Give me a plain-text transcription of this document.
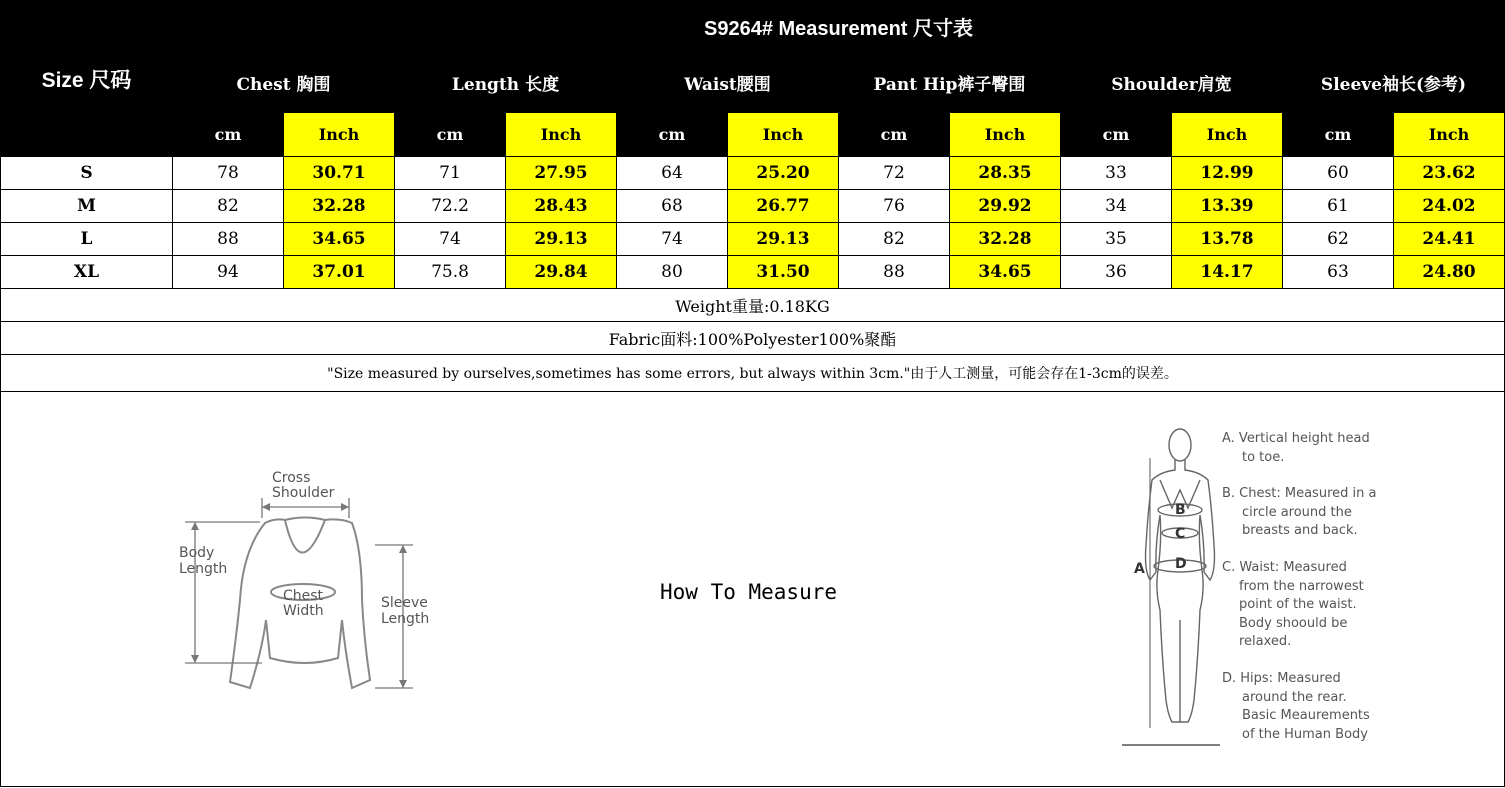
Size 尺码	S9264# Measurement 尺寸表											
	Chest 胸围		Length 长度		Waist腰围		Pant Hip裤子臀围		Shoulder肩宽		Sleeve袖长(参考)	
	cm	Inch	cm	Inch	cm	Inch	cm	Inch	cm	Inch	cm	Inch
S	78	30.71	71	27.95	64	25.20	72	28.35	33	12.99	60	23.62
M	82	32.28	72.2	28.43	68	26.77	76	29.92	34	13.39	61	24.02
L	88	34.65	74	29.13	74	29.13	82	32.28	35	13.78	62	24.41
XL	94	37.01	75.8	29.84	80	31.50	88	34.65	36	14.17	63	24.80
Weight重量:0.18KG												
Fabric面料:100%Polyester100%聚酯												
"Size measured by ourselves,sometimes has some errors, but always within 3cm."由于人工测量，可能会存在1-3cm的误差。												
Cross
Shoulder
Body
Length
Chest
Width	Sleeve
Length
How To Measure
A
B
C
D
A. Vertical height head
to toe.
B. Chest: Measured in a
circle around the
breasts and back.
C. Waist: Measured
from the narrowest
point of the waist.
Body shoould be
relaxed.
D. Hips: Measured
around the rear.
Basic Meaurements
of the Human Body
